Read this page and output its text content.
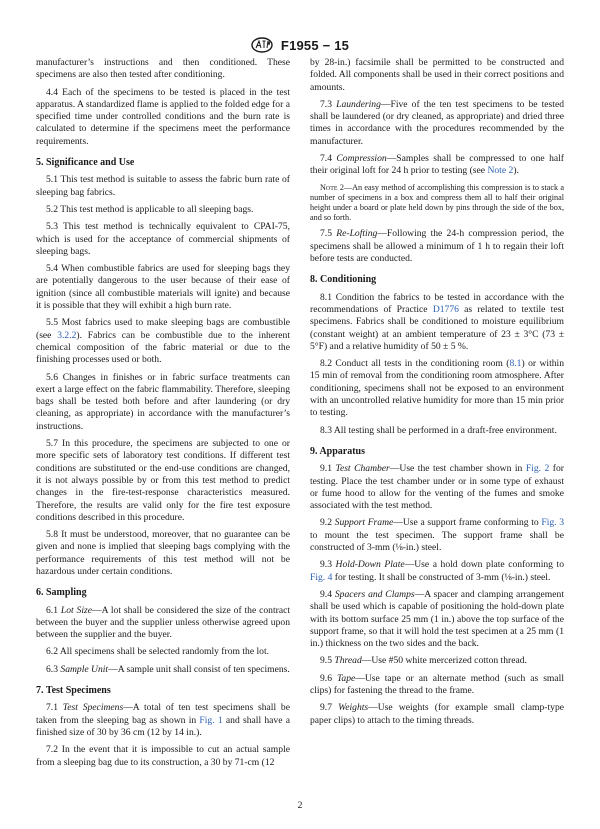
F1955 − 15

manufacturer’s instructions and then conditioned. These specimens are also then tested after conditioning.

4.4 Each of the specimens to be tested is placed in the test apparatus. A standardized flame is applied to the folded edge for a specified time under controlled conditions and the burn rate is calculated to determine if the specimens meet the performance requirements.

5. Significance and Use

5.1 This test method is suitable to assess the fabric burn rate of sleeping bag fabrics.

5.2 This test method is applicable to all sleeping bags.

5.3 This test method is technically equivalent to CPAI-75, which is used for the acceptance of commercial shipments of sleeping bags.

5.4 When combustible fabrics are used for sleeping bags they are potentially dangerous to the user because of their ease of ignition (since all combustible materials will ignite) and because it is possible that they will exhibit a high burn rate.

5.5 Most fabrics used to make sleeping bags are combustible (see 3.2.2). Fabrics can be combustible due to the inherent chemical composition of the fabric material or due to the finishing processes used or both.

5.6 Changes in finishes or in fabric surface treatments can exert a large effect on the fabric flammability. Therefore, sleeping bags shall be tested both before and after laundering (or dry cleaning, as appropriate) in accordance with the manufacturer’s instructions.

5.7 In this procedure, the specimens are subjected to one or more specific sets of laboratory test conditions. If different test conditions are substituted or the end-use conditions are changed, it is not always possible by or from this test method to predict changes in the fire-test-response characteristics measured. Therefore, the results are valid only for the fire test exposure conditions described in this procedure.

5.8 It must be understood, moreover, that no guarantee can be given and none is implied that sleeping bags complying with the performance requirements of this test method will not be hazardous under certain conditions.

6. Sampling

6.1 Lot Size—A lot shall be considered the size of the contract between the buyer and the supplier unless otherwise agreed upon between the supplier and the buyer.

6.2 All specimens shall be selected randomly from the lot.

6.3 Sample Unit—A sample unit shall consist of ten specimens.

7. Test Specimens

7.1 Test Specimens—A total of ten test specimens shall be taken from the sleeping bag as shown in Fig. 1 and shall have a finished size of 30 by 36 cm (12 by 14 in.).

7.2 In the event that it is impossible to cut an actual sample from a sleeping bag due to its construction, a 30 by 71-cm (12

by 28-in.) facsimile shall be permitted to be constructed and folded. All components shall be used in their correct positions and amounts.

7.3 Laundering—Five of the ten test specimens to be tested shall be laundered (or dry cleaned, as appropriate) and dried three times in accordance with the procedures recommended by the manufacturer.

7.4 Compression—Samples shall be compressed to one half their original loft for 24 h prior to testing (see Note 2).

Note 2—An easy method of accomplishing this compression is to stack a number of specimens in a box and compress them all to half their original height under a board or plate held down by pins through the side of the box, and so forth.

7.5 Re-Lofting—Following the 24-h compression period, the specimens shall be allowed a minimum of 1 h to regain their loft before tests are conducted.

8. Conditioning

8.1 Condition the fabrics to be tested in accordance with the recommendations of Practice D1776 as related to textile test specimens. Fabrics shall be conditioned to moisture equilibrium (constant weight) at an ambient temperature of 23 ± 3°C (73 ± 5°F) and a relative humidity of 50 ± 5 %.

8.2 Conduct all tests in the conditioning room (8.1) or within 15 min of removal from the conditioning room atmosphere. After conditioning, specimens shall not be exposed to an environment with an uncontrolled relative humidity for more than 15 min prior to testing.

8.3 All testing shall be performed in a draft-free environment.

9. Apparatus

9.1 Test Chamber—Use the test chamber shown in Fig. 2 for testing. Place the test chamber under or in some type of exhaust or fume hood to allow for the venting of the fumes and smoke associated with the test method.

9.2 Support Frame—Use a support frame conforming to Fig. 3 to mount the test specimen. The support frame shall be constructed of 3-mm (⅛-in.) steel.

9.3 Hold-Down Plate—Use a hold down plate conforming to Fig. 4 for testing. It shall be constructed of 3-mm (⅛-in.) steel.

9.4 Spacers and Clamps—A spacer and clamping arrangement shall be used which is capable of positioning the hold-down plate with its bottom surface 25 mm (1 in.) above the top surface of the support frame, so that it will hold the test specimen at a 25 mm (1 in.) thickness on the two sides and the back.

9.5 Thread—Use #50 white mercerized cotton thread.

9.6 Tape—Use tape or an alternate method (such as small clips) for fastening the thread to the frame.

9.7 Weights—Use weights (for example small clamp-type paper clips) to attach to the timing threads.

2
